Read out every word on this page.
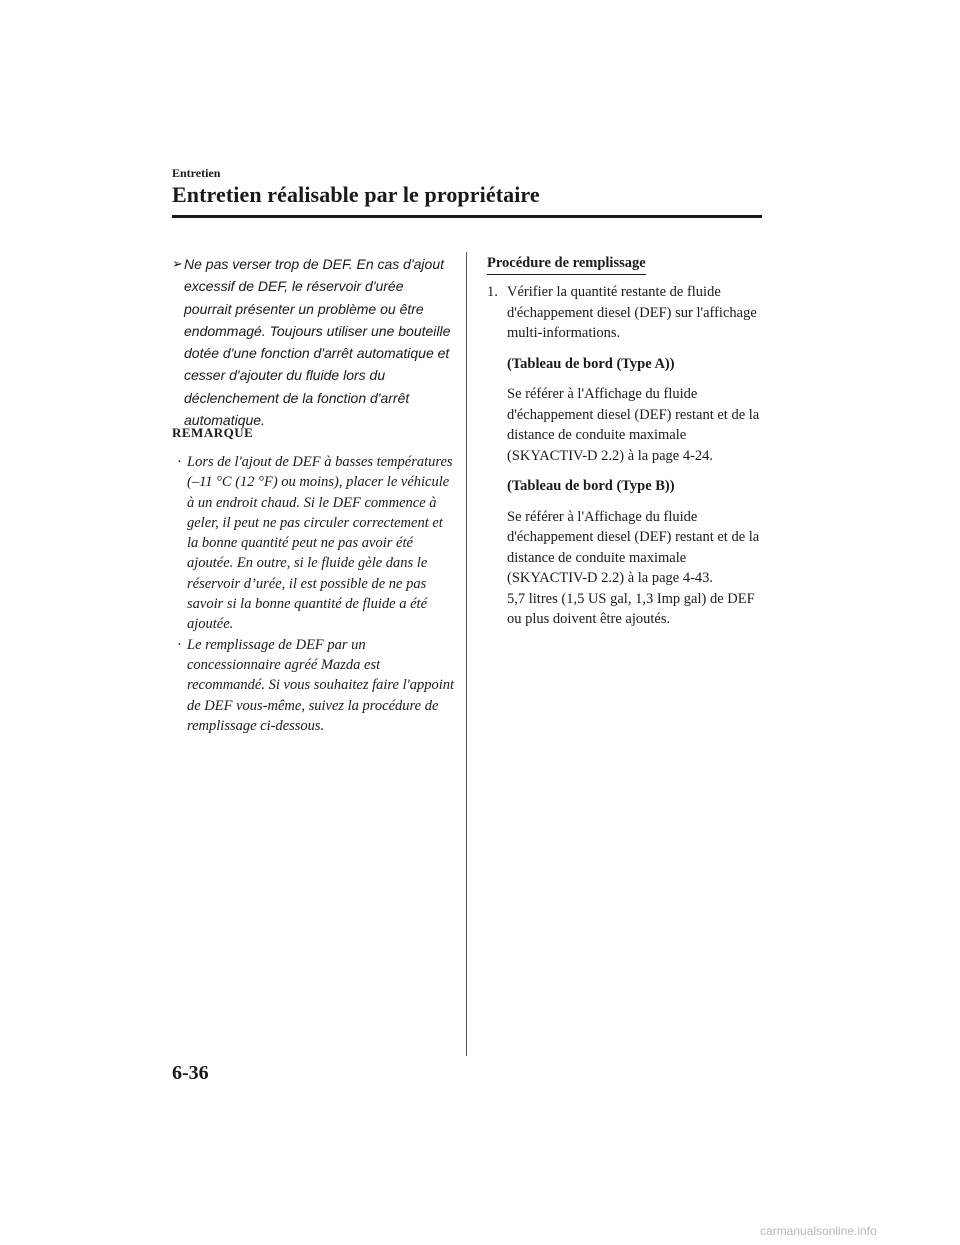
Entretien
Entretien réalisable par le propriétaire
➢ Ne pas verser trop de DEF. En cas d'ajout excessif de DEF, le réservoir d'urée pourrait présenter un problème ou être endommagé. Toujours utiliser une bouteille dotée d'une fonction d'arrêt automatique et cesser d'ajouter du fluide lors du déclenchement de la fonction d'arrêt automatique.
REMARQUE
· Lors de l'ajout de DEF à basses températures (–11 °C (12 °F) ou moins), placer le véhicule à un endroit chaud. Si le DEF commence à geler, il peut ne pas circuler correctement et la bonne quantité peut ne pas avoir été ajoutée. En outre, si le fluide gèle dans le réservoir d’urée, il est possible de ne pas savoir si la bonne quantité de fluide a été ajoutée.
· Le remplissage de DEF par un concessionnaire agréé Mazda est recommandé. Si vous souhaitez faire l'appoint de DEF vous-même, suivez la procédure de remplissage ci-dessous.
Procédure de remplissage
1. Vérifier la quantité restante de fluide d'échappement diesel (DEF) sur l'affichage multi-informations.

(Tableau de bord (Type A))

Se référer à l'Affichage du fluide d'échappement diesel (DEF) restant et de la distance de conduite maximale (SKYACTIV-D 2.2) à la page 4-24.

(Tableau de bord (Type B))

Se référer à l'Affichage du fluide d'échappement diesel (DEF) restant et de la distance de conduite maximale (SKYACTIV-D 2.2) à la page 4-43.

5,7 litres (1,5 US gal, 1,3 Imp gal) de DEF ou plus doivent être ajoutés.

6-36
carmanualsonline.info
